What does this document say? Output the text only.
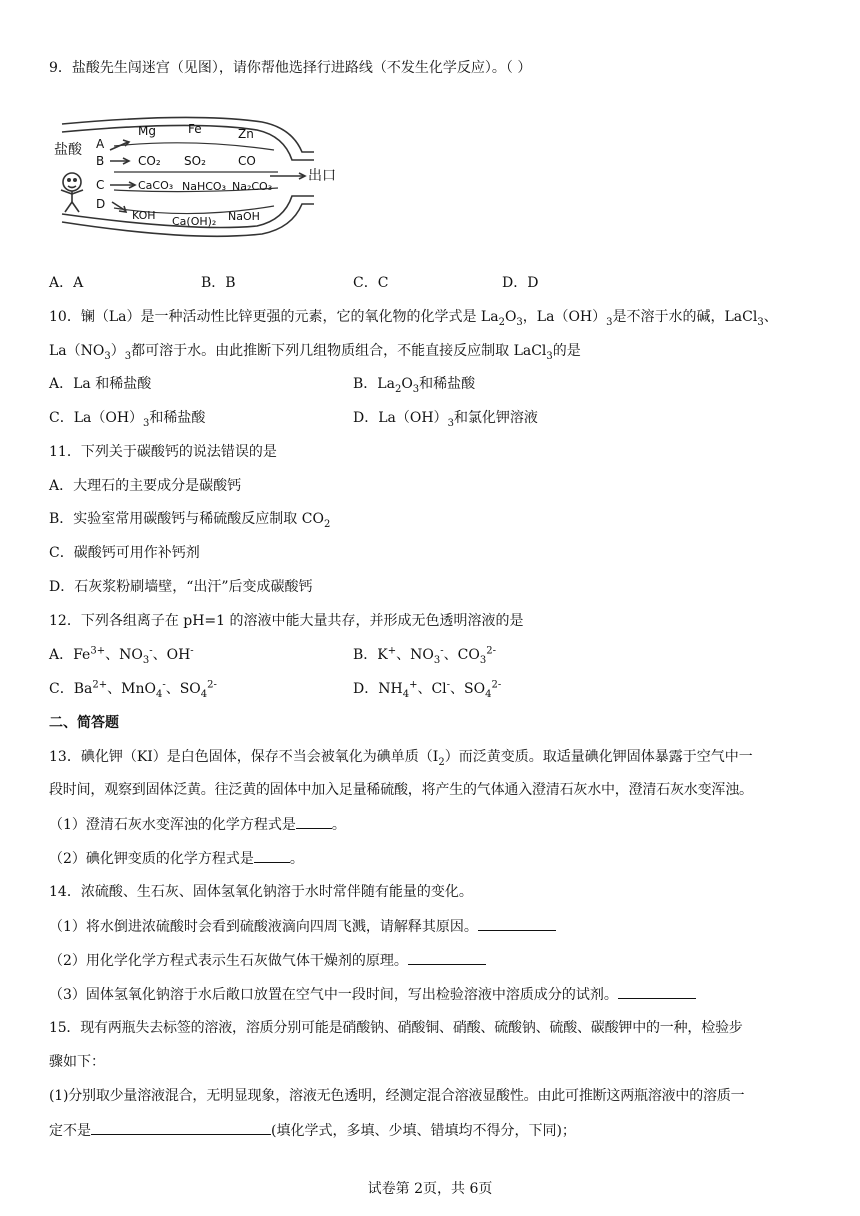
9．盐酸先生闯迷宫（见图），请你帮他选择行进路线（不发生化学反应）。（ ）
盐酸 A
B
C
D
Mg	Fe	Zn
CO₂ SO₂	CO
CaCO₃ NaHCO₃ Na₂CO₃
KOH Ca(OH)₂ NaOH
出口
A．A	B．B	C．C	D．D
10．镧（La）是一种活动性比锌更强的元素，它的氧化物的化学式是 $La_2O_3$，$La(OH)_3$是不溶于水的碱，LaCl$_3$、
$La(NO_3)_3$都可溶于水。由此推断下列几组物质组合，不能直接反应制取 LaCl$_3$的是
A．La 和稀盐酸	B．$La_2O_3$和稀盐酸
C．$La(OH)_3$和稀盐酸	D．$La(OH)_3$和氯化钾溶液
11．下列关于碳酸钙的说法错误的是
A．大理石的主要成分是碳酸钙
B．实验室常用碳酸钙与稀硫酸反应制取 $CO_2$
C．碳酸钙可用作补钙剂
D．石灰浆粉刷墙壁，“出汗”后变成碳酸钙
12．下列各组离子在 pH=1 的溶液中能大量共存，并形成无色透明溶液的是
A．$Fe^{3+}$、$NO_3^-$、OH-	B．K+、$NO_3^-$、$CO_3^{2-}$
C．$Ba^{2+}$、MnO$_4$-、$SO_4^{2-}$	D．$NH_4^+$、Cl-、$SO_4^{2-}$
二、简答题
13．碘化钾（KI）是白色固体，保存不当会被氧化为碘单质$(I_2)$而泛黄变质。取适量碘化钾固体暴露于空气中一
段时间，观察到固体泛黄。往泛黄的固体中加入足量稀硫酸，将产生的气体通入澄清石灰水中，澄清石灰水变浑浊。
（1）澄清石灰水变浑浊的化学方程式是	。
（2）碘化钾变质的化学方程式是	。
14．浓硫酸、生石灰、固体氢氧化钠溶于水时常伴随有能量的变化。
（1）将水倒进浓硫酸时会看到硫酸液滴向四周飞溅，请解释其原因。
（2）用化学化学方程式表示生石灰做气体干燥剂的原理。
（3）固体氢氧化钠溶于水后敞口放置在空气中一段时间，写出检验溶液中溶质成分的试剂。
15．现有两瓶失去标签的溶液，溶质分别可能是硝酸钠、硝酸铜、硝酸、硫酸钠、硫酸、碳酸钾中的一种，检验步
骤如下：
(1)分别取少量溶液混合，无明显现象，溶液无色透明，经测定混合溶液显酸性。由此可推断这两瓶溶液中的溶质一
定不是	(填化学式，多填、少填、错填均不得分，下同)；
试卷第 2页，共 6页
